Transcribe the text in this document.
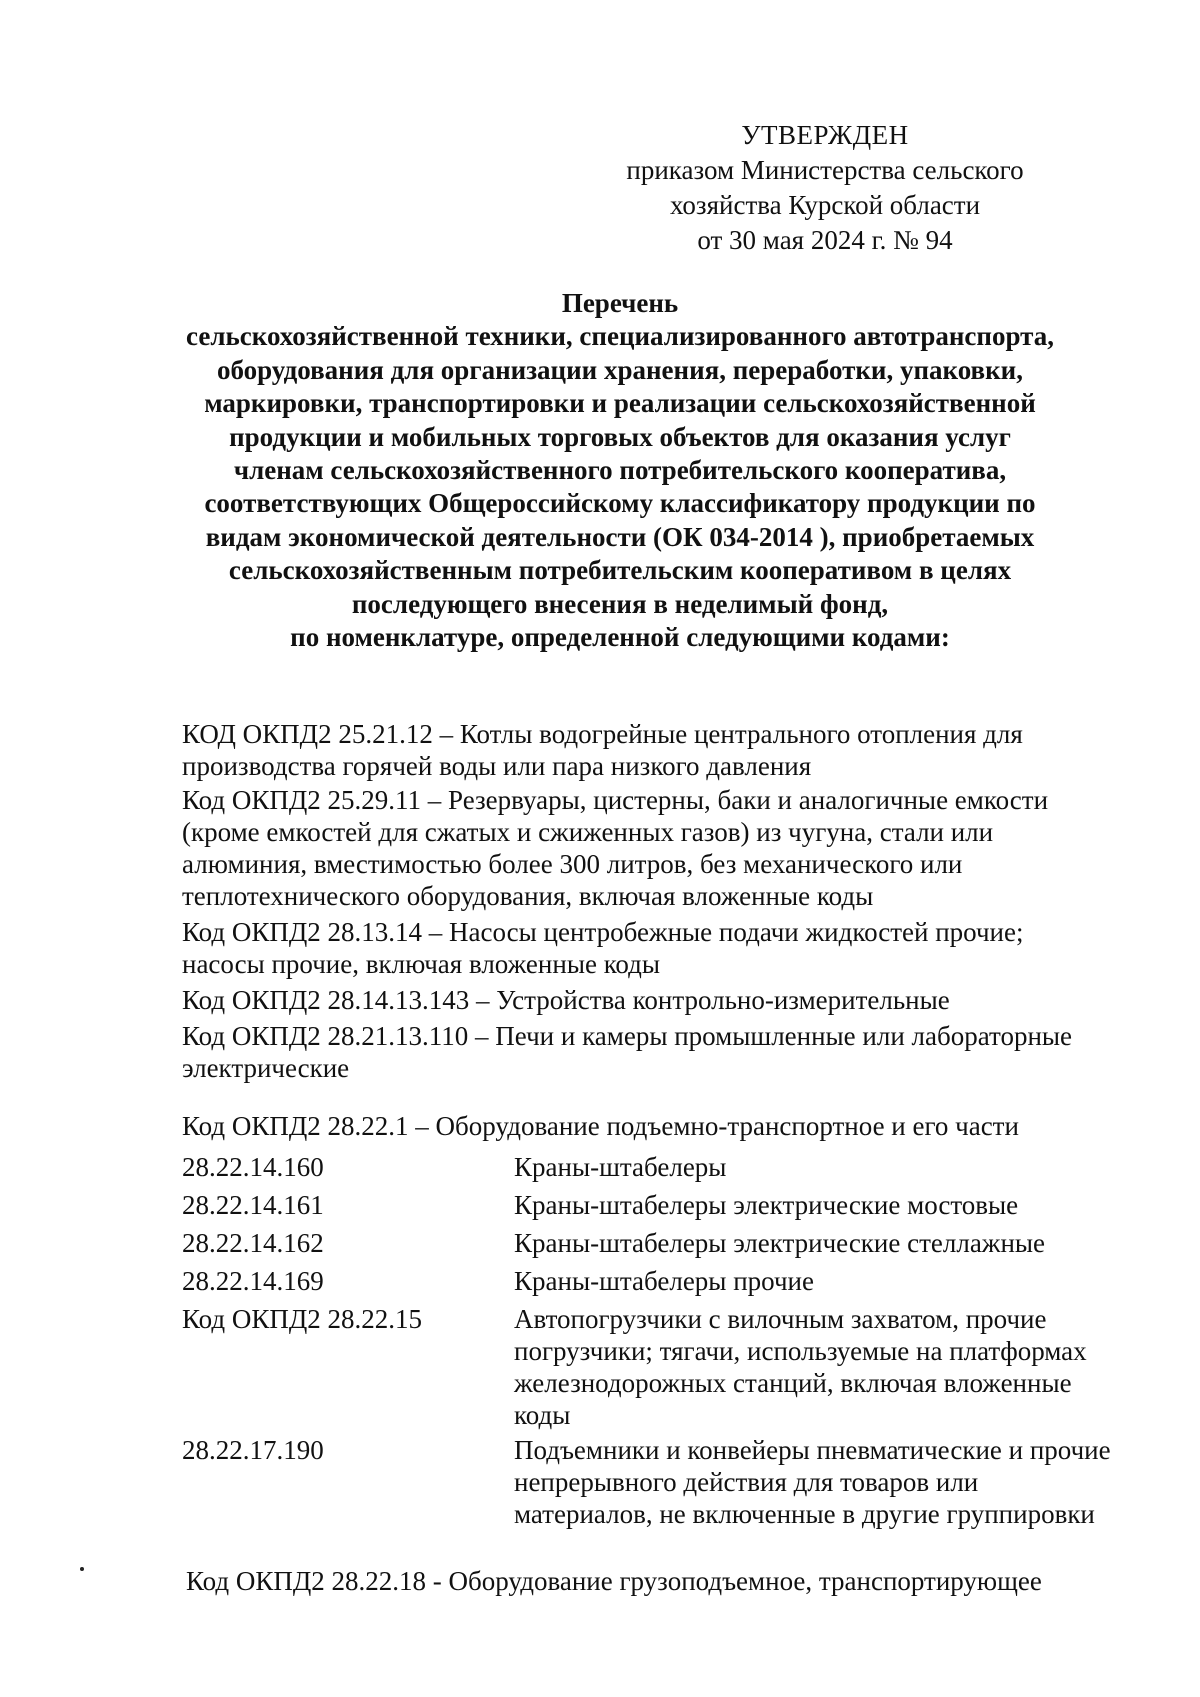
УТВЕРЖДЕН
приказом Министерства сельского
хозяйства Курской области
от 30 мая 2024 г. № 94
Перечень
сельскохозяйственной техники, специализированного автотранспорта,
оборудования для организации хранения, переработки, упаковки,
маркировки, транспортировки и реализации сельскохозяйственной
продукции и мобильных торговых объектов для оказания услуг
членам сельскохозяйственного потребительского кооператива,
соответствующих Общероссийскому классификатору продукции по
видам экономической деятельности (ОК 034-2014 ), приобретаемых
сельскохозяйственным потребительским кооперативом в целях
последующего внесения в неделимый фонд,
по номенклатуре, определенной следующими кодами:
КОД ОКПД2 25.21.12 – Котлы водогрейные центрального отопления для производства горячей воды или пара низкого давления
Код ОКПД2 25.29.11 – Резервуары, цистерны, баки и аналогичные емкости (кроме емкостей для сжатых и сжиженных газов) из чугуна, стали или алюминия, вместимостью более 300 литров, без механического или теплотехнического оборудования, включая вложенные коды
Код ОКПД2 28.13.14 – Насосы центробежные подачи жидкостей прочие; насосы прочие, включая вложенные коды
Код ОКПД2 28.14.13.143 – Устройства контрольно-измерительные
Код ОКПД2 28.21.13.110 – Печи и камеры промышленные или лабораторные электрические
Код ОКПД2 28.22.1 – Оборудование подъемно-транспортное и его части
28.22.14.160	Краны-штабелеры
28.22.14.161	Краны-штабелеры электрические мостовые
28.22.14.162	Краны-штабелеры электрические стеллажные
28.22.14.169	Краны-штабелеры прочие
Код ОКПД2 28.22.15	Автопогрузчики с вилочным захватом, прочие погрузчики; тягачи, используемые на платформах железнодорожных станций, включая вложенные коды
28.22.17.190	Подъемники и конвейеры пневматические и прочие непрерывного действия для товаров или материалов, не включенные в другие группировки
Код ОКПД2 28.22.18 - Оборудование грузоподъемное, транспортирующее
